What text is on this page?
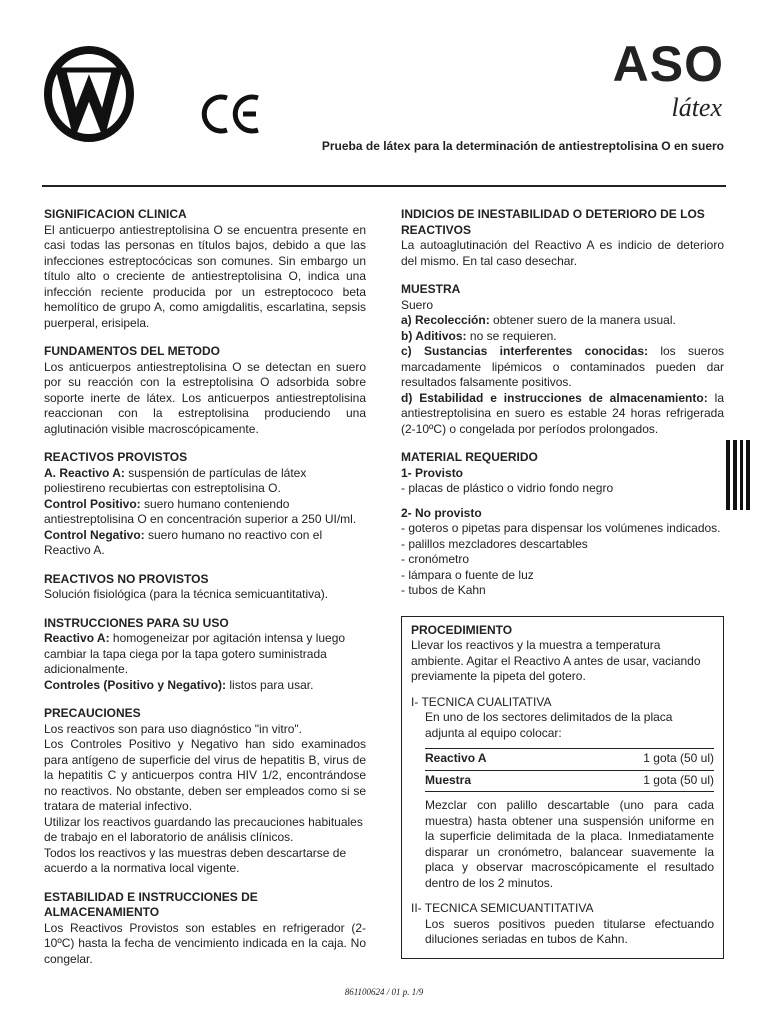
ASO
látex
Prueba de látex para la determinación de antiestreptolisina O en suero
SIGNIFICACION CLINICA

El anticuerpo antiestreptolisina O se encuentra presente en casi todas las personas en títulos bajos, debido a que las infecciones estreptocócicas son comunes. Sin embargo un título alto o creciente de antiestreptolisina O, indica una infección reciente producida por un estreptococo beta hemolítico de grupo A, como amigdalitis, escarlatina, sepsis puerperal, erisipela.

FUNDAMENTOS DEL METODO

Los anticuerpos antiestreptolisina O se detectan en suero por su reacción con la estreptolisina O adsorbida sobre soporte inerte de látex. Los anticuerpos antiestreptolisina reaccionan con la estreptolisina produciendo una aglutinación visible macroscópicamente.

REACTIVOS PROVISTOS

A. Reactivo A: suspensión de partículas de látex poliestireno recubiertas con estreptolisina O.

Control Positivo: suero humano conteniendo antiestreptolisina O en concentración superior a 250 UI/ml.

Control Negativo: suero humano no reactivo con el Reactivo A.

REACTIVOS NO PROVISTOS

Solución fisiológica (para la técnica semicuantitativa).

INSTRUCCIONES PARA SU USO

Reactivo A: homogeneizar por agitación intensa y luego cambiar la tapa ciega por la tapa gotero suministrada adicionalmente.

Controles (Positivo y Negativo): listos para usar.

PRECAUCIONES

Los reactivos son para uso diagnóstico "in vitro".

Los Controles Positivo y Negativo han sido examinados para antígeno de superficie del virus de hepatitis B, virus de la hepatitis C y anticuerpos contra HIV 1/2, encontrándose no reactivos. No obstante, deben ser empleados como si se tratara de material infectivo.

Utilizar los reactivos guardando las precauciones habituales de trabajo en el laboratorio de análisis clínicos.

Todos los reactivos y las muestras deben descartarse de acuerdo a la normativa local vigente.

ESTABILIDAD E INSTRUCCIONES DE ALMACENAMIENTO

Los Reactivos Provistos son estables en refrigerador (2-10ºC) hasta la fecha de vencimiento indicada en la caja. No congelar.

INDICIOS DE INESTABILIDAD O DETERIORO DE LOS REACTIVOS

La autoaglutinación del Reactivo A es indicio de deterioro del mismo. En tal caso desechar.

MUESTRA

Suero

a) Recolección: obtener suero de la manera usual.

b) Aditivos: no se requieren.

c) Sustancias interferentes conocidas: los sueros marcadamente lipémicos o contaminados pueden dar resultados falsamente positivos.

d) Estabilidad e instrucciones de almacenamiento: la antiestreptolisina en suero es estable 24 horas refrigerada (2-10ºC) o congelada por períodos prolongados.

MATERIAL REQUERIDO
1- Provisto

- placas de plástico o vidrio fondo negro

2- No provisto

- goteros o pipetas para dispensar los volúmenes indicados.

- palillos mezcladores descartables

- cronómetro

- lámpara o fuente de luz

- tubos de Kahn

PROCEDIMIENTO

Llevar los reactivos y la muestra a temperatura ambiente. Agitar el Reactivo A antes de usar, vaciando previamente la pipeta del gotero.

I- TECNICA CUALITATIVA

En uno de los sectores delimitados de la placa adjunta al equipo colocar:

Reactivo A	1 gota (50 ul)
Muestra	1 gota (50 ul)

Mezclar con palillo descartable (uno para cada muestra) hasta obtener una suspensión uniforme en la superficie delimitada de la placa. Inmediatamente disparar un cronómetro, balancear suavemente la placa y observar macroscópicamente el resultado dentro de los 2 minutos.

II- TECNICA SEMICUANTITATIVA

Los sueros positivos pueden titularse efectuando diluciones seriadas en tubos de Kahn.

861100624 / 01 p. 1/9
